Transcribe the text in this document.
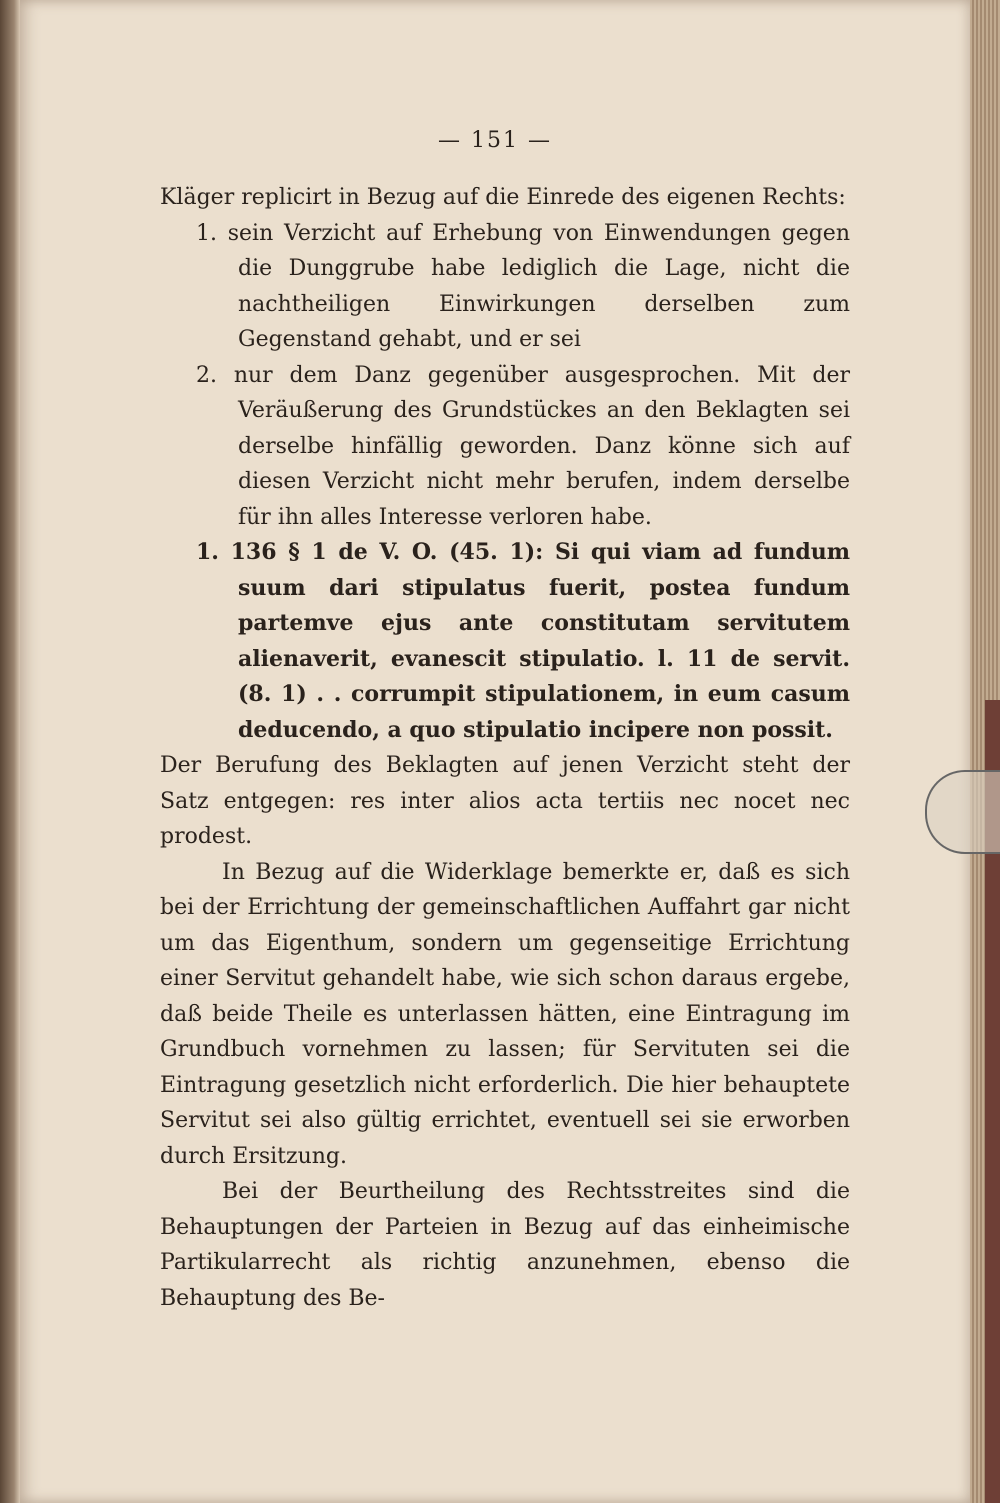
— 151 —

Kläger replicirt in Bezug auf die Einrede des eigenen Rechts:

1. sein Verzicht auf Erhebung von Einwendungen gegen die Dunggrube habe lediglich die Lage, nicht die nachtheiligen Einwirkungen derselben zum Gegenstand gehabt, und er sei

2. nur dem Danz gegenüber ausgesprochen. Mit der Veräußerung des Grundstückes an den Beklagten sei derselbe hinfällig geworden. Danz könne sich auf diesen Verzicht nicht mehr berufen, indem derselbe für ihn alles Interesse verloren habe.

1. 136 § 1 de V. O. (45. 1): Si qui viam ad fundum suum dari stipulatus fuerit, postea fundum partemve ejus ante constitutam servitutem alienaverit, evanescit stipulatio. l. 11 de servit. (8. 1) . . corrumpit stipulationem, in eum casum deducendo, a quo stipulatio incipere non possit.

Der Berufung des Beklagten auf jenen Verzicht steht der Satz entgegen: res inter alios acta tertiis nec nocet nec prodest.

In Bezug auf die Widerklage bemerkte er, daß es sich bei der Errichtung der gemeinschaftlichen Auffahrt gar nicht um das Eigenthum, sondern um gegenseitige Errichtung einer Servitut gehandelt habe, wie sich schon daraus ergebe, daß beide Theile es unterlassen hätten, eine Eintragung im Grundbuch vornehmen zu lassen; für Servituten sei die Eintragung gesetzlich nicht erforderlich. Die hier behauptete Servitut sei also gültig errichtet, eventuell sei sie erworben durch Ersitzung.

Bei der Beurtheilung des Rechtsstreites sind die Behauptungen der Parteien in Bezug auf das einheimische Partikularrecht als richtig anzunehmen, ebenso die Behauptung des Be-
